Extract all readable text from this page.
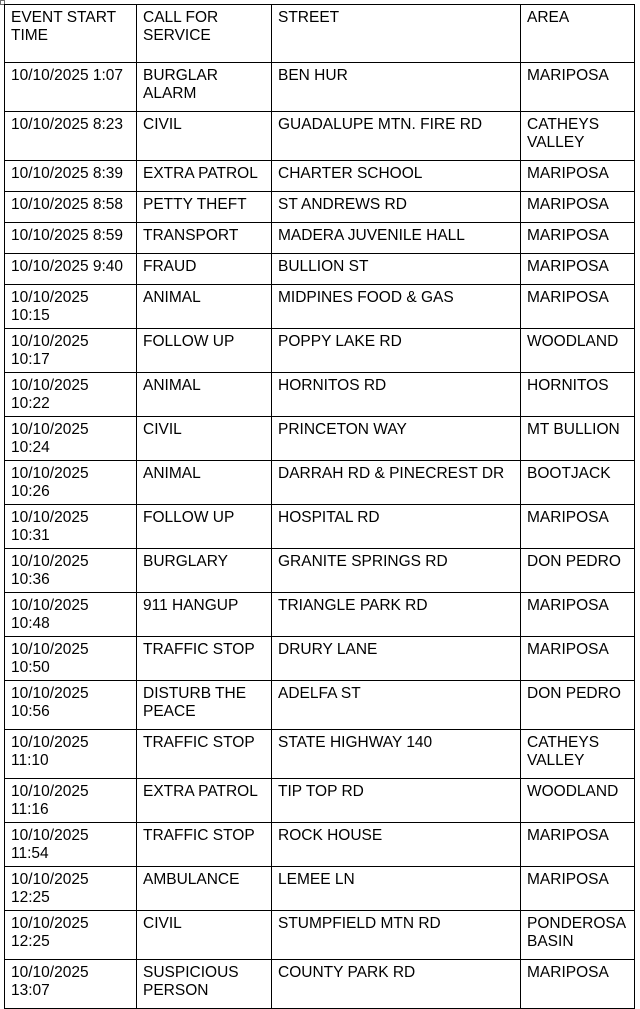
EVENT START TIME	CALL FOR SERVICE	STREET	AREA
10/10/2025 1:07	BURGLAR ALARM	BEN HUR	MARIPOSA
10/10/2025 8:23	CIVIL	GUADALUPE MTN. FIRE RD	CATHEYS VALLEY
10/10/2025 8:39	EXTRA PATROL	CHARTER SCHOOL	MARIPOSA
10/10/2025 8:58	PETTY THEFT	ST ANDREWS RD	MARIPOSA
10/10/2025 8:59	TRANSPORT	MADERA JUVENILE HALL	MARIPOSA
10/10/2025 9:40	FRAUD	BULLION ST	MARIPOSA
10/10/2025 10:15	ANIMAL	MIDPINES FOOD & GAS	MARIPOSA
10/10/2025 10:17	FOLLOW UP	POPPY LAKE RD	WOODLAND
10/10/2025 10:22	ANIMAL	HORNITOS RD	HORNITOS
10/10/2025 10:24	CIVIL	PRINCETON WAY	MT BULLION
10/10/2025 10:26	ANIMAL	DARRAH RD & PINECREST DR	BOOTJACK
10/10/2025 10:31	FOLLOW UP	HOSPITAL RD	MARIPOSA
10/10/2025 10:36	BURGLARY	GRANITE SPRINGS RD	DON PEDRO
10/10/2025 10:48	911 HANGUP	TRIANGLE PARK RD	MARIPOSA
10/10/2025 10:50	TRAFFIC STOP	DRURY LANE	MARIPOSA
10/10/2025 10:56	DISTURB THE PEACE	ADELFA ST	DON PEDRO
10/10/2025 11:10	TRAFFIC STOP	STATE HIGHWAY 140	CATHEYS VALLEY
10/10/2025 11:16	EXTRA PATROL	TIP TOP RD	WOODLAND
10/10/2025 11:54	TRAFFIC STOP	ROCK HOUSE	MARIPOSA
10/10/2025 12:25	AMBULANCE	LEMEE LN	MARIPOSA
10/10/2025 12:25	CIVIL	STUMPFIELD MTN RD	PONDEROSA BASIN
10/10/2025 13:07	SUSPICIOUS PERSON	COUNTY PARK RD	MARIPOSA
